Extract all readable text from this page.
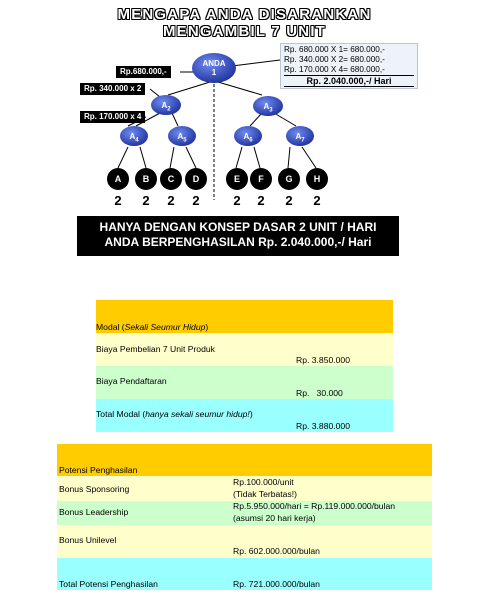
MENGAPA ANDA DISARANKAN
MENGAMBIL 7 UNIT
ANDA
1
$A_2$	$A_3$
$A_4$	$A_5$	$A_6$	$A_7$
A	B	C	D	E	F	G	H
2 2 2 2	2 2 2 2
Rp.680.000,-
Rp. 340.000 x 2
Rp. 170.000 x 4
Rp. 680.000 X 1= 680.000,-
Rp. 340.000 X 2= 680.000,-
Rp. 170.000 X 4= 680.000,-
Rp. 2.040.000,-/ Hari
HANYA DENGAN KONSEP DASAR 2 UNIT / HARI
ANDA BERPENGHASILAN Rp. 2.040.000,-/ Hari
Modal (Sekali Seumur Hidup)
Biaya Pembelian 7 Unit Produk
Rp. 3.850.000
Biaya Pendaftaran
Rp.   30.000
Total Modal (hanya sekali seumur hidup!)
Rp. 3.880.000
Potensi Penghasilan
Bonus Sponsoring
Rp.100.000/unit
(Tidak Terbatas!)
Bonus Leadership
Rp.5.950.000/hari = Rp.119.000.000/bulan
(asumsi 20 hari kerja)
Bonus Unilevel
Rp. 602.000.000/bulan
Total Potensi Penghasilan	Rp. 721.000.000/bulan
